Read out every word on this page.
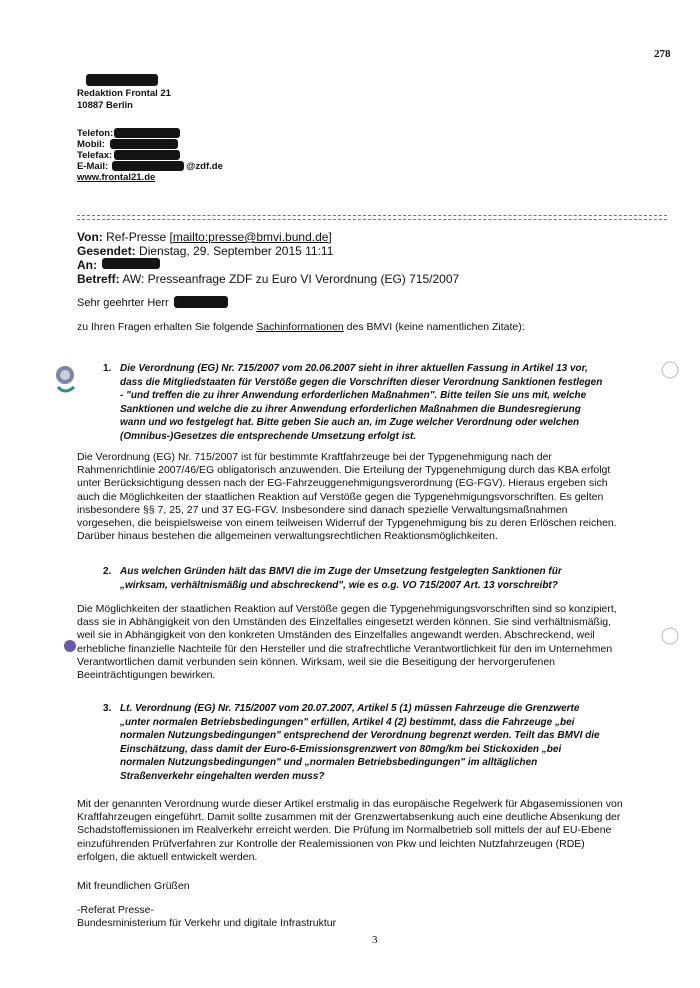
278
Redaktion Frontal 21
10887 Berlin
Telefon:
Mobil:
Telefax:
E-Mail:	@zdf.de
www.frontal21.de
Von: Ref-Presse [mailto:presse@bmvi.bund.de]
Gesendet: Dienstag, 29. September 2015 11:11
An:
Betreff: AW: Presseanfrage ZDF zu Euro VI Verordnung (EG) 715/2007
Sehr geehrter Herr
zu Ihren Fragen erhalten Sie folgende Sachinformationen des BMVI (keine namentlichen Zitate):
1. Die Verordnung (EG) Nr. 715/2007 vom 20.06.2007 sieht in ihrer aktuellen Fassung in Artikel 13 vor,
dass die Mitgliedstaaten für Verstöße gegen die Vorschriften dieser Verordnung Sanktionen festlegen
- "und treffen die zu ihrer Anwendung erforderlichen Maßnahmen". Bitte teilen Sie uns mit, welche
Sanktionen und welche die zu ihrer Anwendung erforderlichen Maßnahmen die Bundesregierung
wann und wo festgelegt hat. Bitte geben Sie auch an, im Zuge welcher Verordnung oder welchen
(Omnibus-)Gesetzes die entsprechende Umsetzung erfolgt ist.
Die Verordnung (EG) Nr. 715/2007 ist für bestimmte Kraftfahrzeuge bei der Typgenehmigung nach der
Rahmenrichtlinie 2007/46/EG obligatorisch anzuwenden. Die Erteilung der Typgenehmigung durch das KBA erfolgt
unter Berücksichtigung dessen nach der EG-Fahrzeuggenehmigungsverordnung (EG-FGV). Hieraus ergeben sich
auch die Möglichkeiten der staatlichen Reaktion auf Verstöße gegen die Typgenehmigungsvorschriften. Es gelten
insbesondere §§ 7, 25, 27 und 37 EG-FGV. Insbesondere sind danach spezielle Verwaltungsmaßnahmen
vorgesehen, die beispielsweise von einem teilweisen Widerruf der Typgenehmigung bis zu deren Erlöschen reichen.
Darüber hinaus bestehen die allgemeinen verwaltungsrechtlichen Reaktionsmöglichkeiten.
2. Aus welchen Gründen hält das BMVI die im Zuge der Umsetzung festgelegten Sanktionen für
„wirksam, verhältnismäßig und abschreckend", wie es o.g. VO 715/2007 Art. 13 vorschreibt?
Die Möglichkeiten der staatlichen Reaktion auf Verstöße gegen die Typgenehmigungsvorschriften sind so konzipiert,
dass sie in Abhängigkeit von den Umständen des Einzelfalles eingesetzt werden können. Sie sind verhältnismäßig,
weil sie in Abhängigkeit von den konkreten Umständen des Einzelfalles angewandt werden. Abschreckend, weil
erhebliche finanzielle Nachteile für den Hersteller und die strafrechtliche Verantwortlichkeit für den im Unternehmen
Verantwortlichen damit verbunden sein können. Wirksam, weil sie die Beseitigung der hervorgerufenen
Beeinträchtigungen bewirken.
3. Lt. Verordnung (EG) Nr. 715/2007 vom 20.07.2007, Artikel 5 (1) müssen Fahrzeuge die Grenzwerte
„unter normalen Betriebsbedingungen" erfüllen, Artikel 4 (2) bestimmt, dass die Fahrzeuge „bei
normalen Nutzungsbedingungen" entsprechend der Verordnung begrenzt werden. Teilt das BMVI die
Einschätzung, dass damit der Euro-6-Emissionsgrenzwert von 80mg/km bei Stickoxiden „bei
normalen Nutzungsbedingungen" und „normalen Betriebsbedingungen" im alltäglichen
Straßenverkehr eingehalten werden muss?
Mit der genannten Verordnung wurde dieser Artikel erstmalig in das europäische Regelwerk für Abgasemissionen von
Kraftfahrzeugen eingeführt. Damit sollte zusammen mit der Grenzwertabsenkung auch eine deutliche Absenkung der
Schadstoffemissionen im Realverkehr erreicht werden. Die Prüfung im Normalbetrieb soll mittels der auf EU-Ebene
einzuführenden Prüfverfahren zur Kontrolle der Realemissionen von Pkw und leichten Nutzfahrzeugen (RDE)
erfolgen, die aktuell entwickelt werden.
Mit freundlichen Grüßen
-Referat Presse-
Bundesministerium für Verkehr und digitale Infrastruktur
3
